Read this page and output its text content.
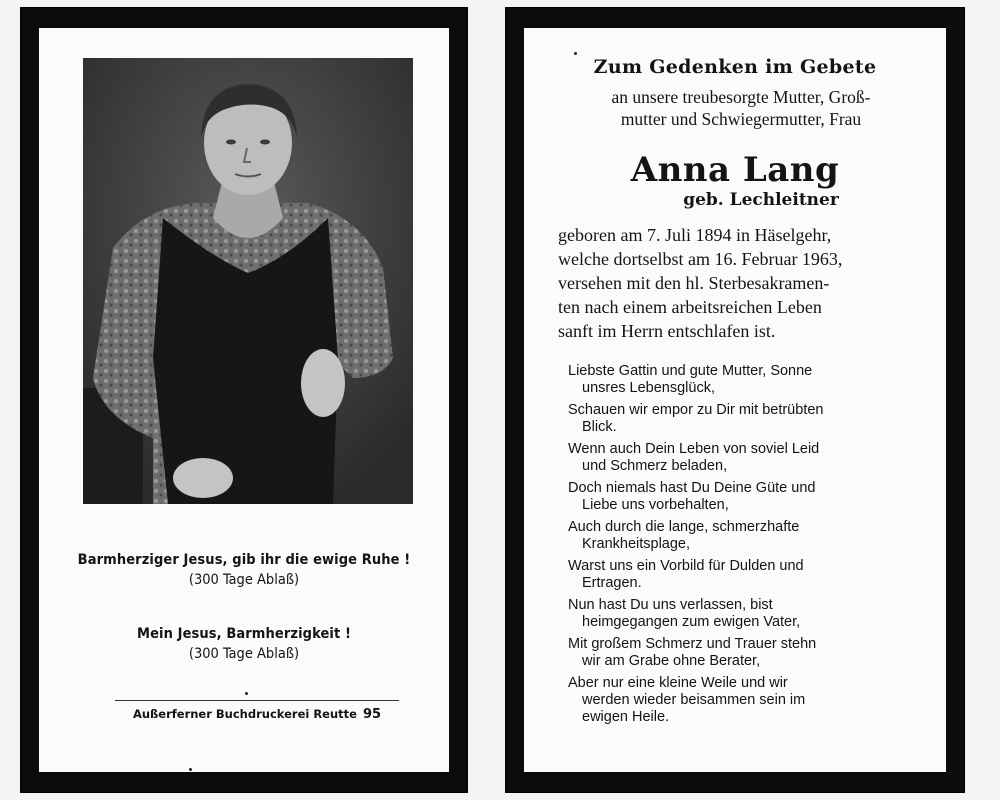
Barmherziger Jesus, gib ihr die ewige Ruhe !
(300 Tage Ablaß)
Mein Jesus, Barmherzigkeit !
(300 Tage Ablaß)
Außerferner Buchdruckerei Reutte 95
Zum Gedenken im Gebete
an unsere treubesorgte Mutter, Groß-
mutter und Schwiegermutter, Frau
Anna Lang
geb. Lechleitner
geboren am 7. Juli 1894 in Häselgehr,
welche dortselbst am 16. Februar 1963,
versehen mit den hl. Sterbesakramen-
ten nach einem arbeitsreichen Leben
sanft im Herrn entschlafen ist.
Liebste Gattin und gute Mutter, Sonne
unsres Lebensglück,
Schauen wir empor zu Dir mit betrübten
Blick.
Wenn auch Dein Leben von soviel Leid
und Schmerz beladen,
Doch niemals hast Du Deine Güte und
Liebe uns vorbehalten,
Auch durch die lange, schmerzhafte
Krankheitsplage,
Warst uns ein Vorbild für Dulden und
Ertragen.
Nun hast Du uns verlassen, bist
heimgegangen zum ewigen Vater,
Mit großem Schmerz und Trauer stehn
wir am Grabe ohne Berater,
Aber nur eine kleine Weile und wir
werden wieder beisammen sein im
ewigen Heile.
